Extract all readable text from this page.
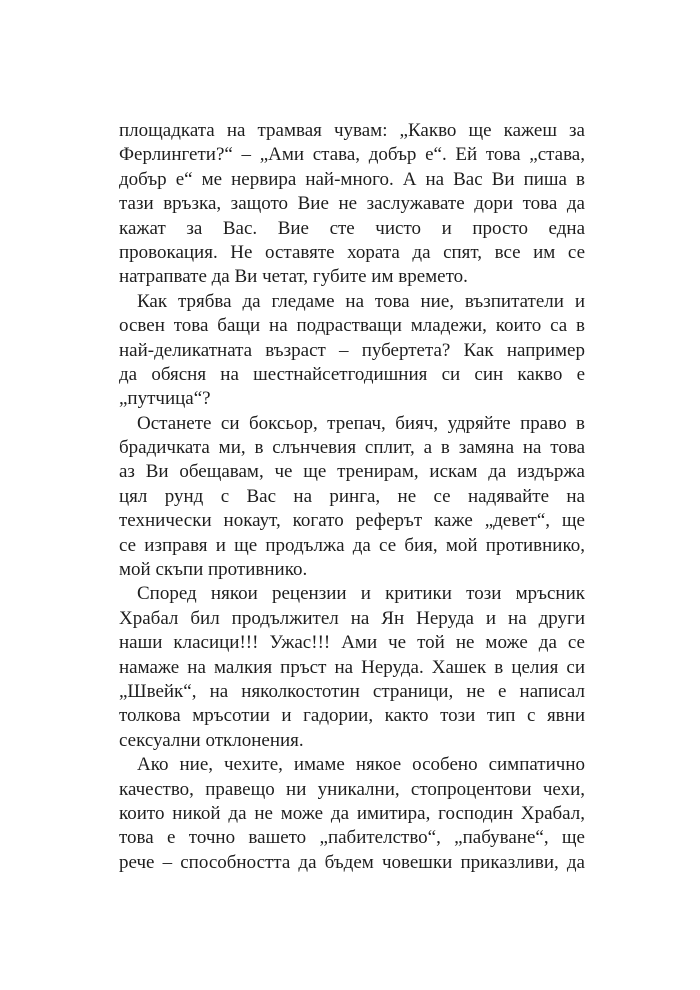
площадката на трамвая чувам: „Какво ще кажеш за
Ферлингети?“ – „Ами става, добър е“. Ей това „става,
добър е“ ме нервира най-много. А на Вас Ви пиша в
тази връзка, защото Вие не заслужавате дори това да
кажат за Вас. Вие сте чисто и просто една
провокация. Не оставяте хората да спят, все им се
натрапвате да Ви четат, губите им времето.
Как трябва да гледаме на това ние, възпитатели и
освен това бащи на подрастващи младежи, които са в
най-деликатната възраст – пубертета? Как например
да обясня на шестнайсетгодишния си син какво е
„путчица“?
Останете си боксьор, трепач, бияч, удряйте право в
брадичката ми, в слънчевия сплит, а в замяна на това
аз Ви обещавам, че ще тренирам, искам да издържа
цял рунд с Вас на ринга, не се надявайте на
технически нокаут, когато реферът каже „девет“, ще
се изправя и ще продължа да се бия, мой противнико,
мой скъпи противнико.
Според някои рецензии и критики този мръсник
Храбал бил продължител на Ян Неруда и на други
наши класици!!! Ужас!!! Ами че той не може да се
намаже на малкия пръст на Неруда. Хашек в целия си
„Швейк“, на няколкостотин страници, не е написал
толкова мръсотии и гадории, както този тип с явни
сексуални отклонения.
Ако ние, чехите, имаме някое особено симпатично
качество, правещо ни уникални, стопроцентови чехи,
които никой да не може да имитира, господин Храбал,
това е точно вашето „пабителство“, „пабуване“, ще
рече – способността да бъдем човешки приказливи, да
